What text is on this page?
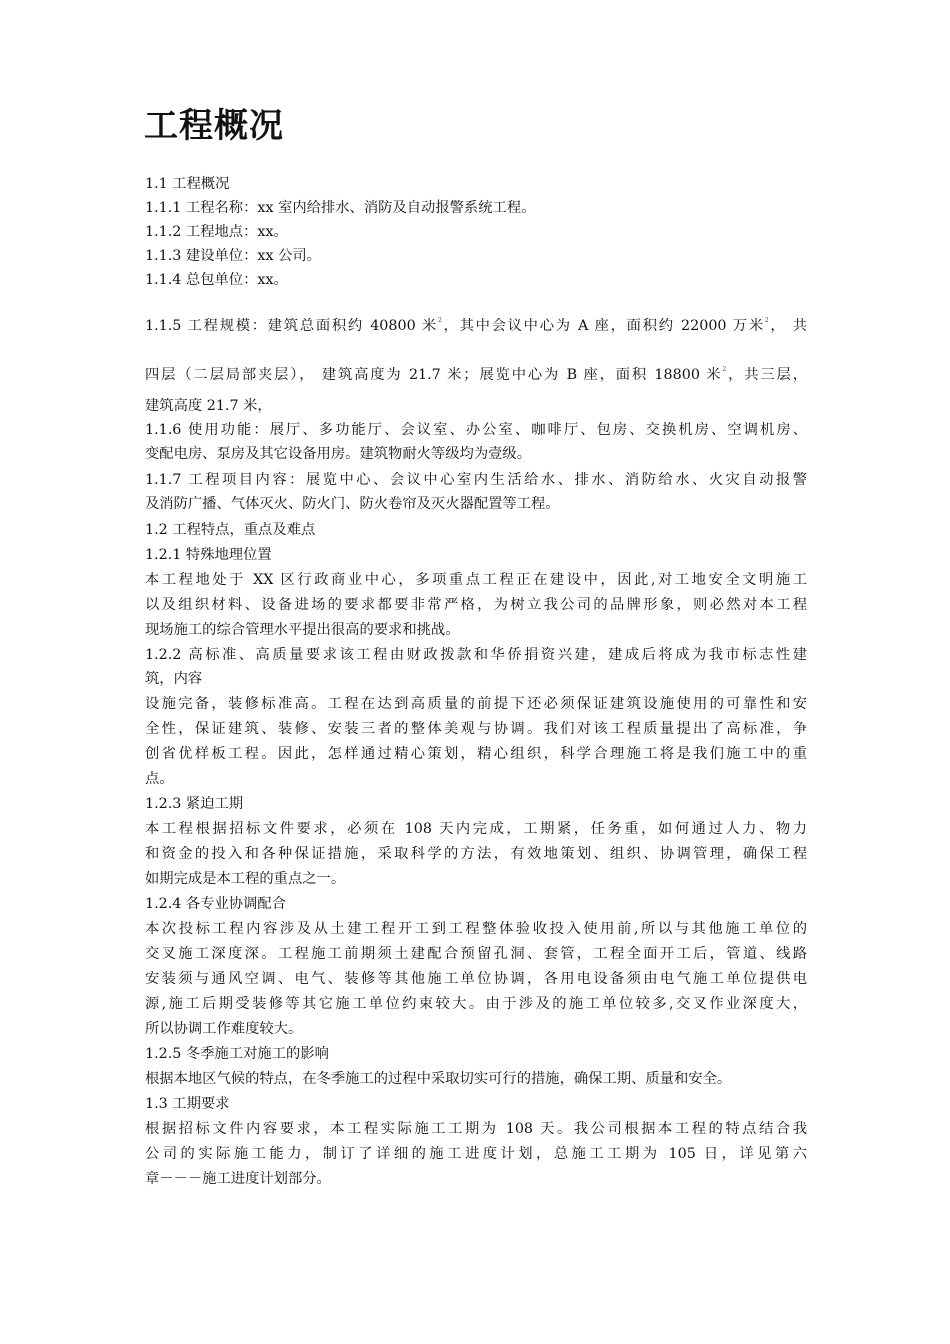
工程概况

1.1 工程概况

1.1.1 工程名称：xx 室内给排水、消防及自动报警系统工程。

1.1.2 工程地点：xx。

1.1.3 建设单位：xx 公司。

1.1.4 总包单位：xx。

1.1.5 工程规模：建筑总面积约 40800 米$^2$，其中会议中心为 A 座，面积约 22000 万米$^2$， 共

四层（二层局部夹层）， 建筑高度为 21.7 米；展览中心为 B 座，面积 18800 米$^2$，共三层，

建筑高度 21.7 米，

1.1.6 使用功能：展厅、多功能厅、会议室、办公室、咖啡厅、包房、交换机房、空调机房、

变配电房、泵房及其它设备用房。建筑物耐火等级均为壹级。

1.1.7 工程项目内容：展览中心、会议中心室内生活给水、排水、消防给水、火灾自动报警

及消防广播、气体灭火、防火门、防火卷帘及灭火器配置等工程。

1.2 工程特点，重点及难点

1.2.1 特殊地理位置

本工程地处于 XX 区行政商业中心，多项重点工程正在建设中，因此,对工地安全文明施工

以及组织材料、设备进场的要求都要非常严格，为树立我公司的品牌形象，则必然对本工程

现场施工的综合管理水平提出很高的要求和挑战。

1.2.2 高标准、高质量要求该工程由财政拨款和华侨捐资兴建，建成后将成为我市标志性建

筑，内容

设施完备，装修标准高。工程在达到高质量的前提下还必须保证建筑设施使用的可靠性和安

全性，保证建筑、装修、安装三者的整体美观与协调。我们对该工程质量提出了高标准，争

创省优样板工程。因此，怎样通过精心策划，精心组织，科学合理施工将是我们施工中的重

点。

1.2.3 紧迫工期

本工程根据招标文件要求，必须在 108 天内完成，工期紧，任务重，如何通过人力、物力

和资金的投入和各种保证措施，采取科学的方法，有效地策划、组织、协调管理，确保工程

如期完成是本工程的重点之一。

1.2.4 各专业协调配合

本次投标工程内容涉及从土建工程开工到工程整体验收投入使用前,所以与其他施工单位的

交叉施工深度深。工程施工前期须土建配合预留孔洞、套管，工程全面开工后，管道、线路

安装须与通风空调、电气、装修等其他施工单位协调，各用电设备须由电气施工单位提供电

源,施工后期受装修等其它施工单位约束较大。由于涉及的施工单位较多,交叉作业深度大，

所以协调工作难度较大。

1.2.5 冬季施工对施工的影响

根据本地区气候的特点，在冬季施工的过程中采取切实可行的措施，确保工期、质量和安全。

1.3 工期要求

根据招标文件内容要求，本工程实际施工工期为 108 天。我公司根据本工程的特点结合我

公司的实际施工能力，制订了详细的施工进度计划，总施工工期为 105 日，详见第六

章－－－施工进度计划部分。
